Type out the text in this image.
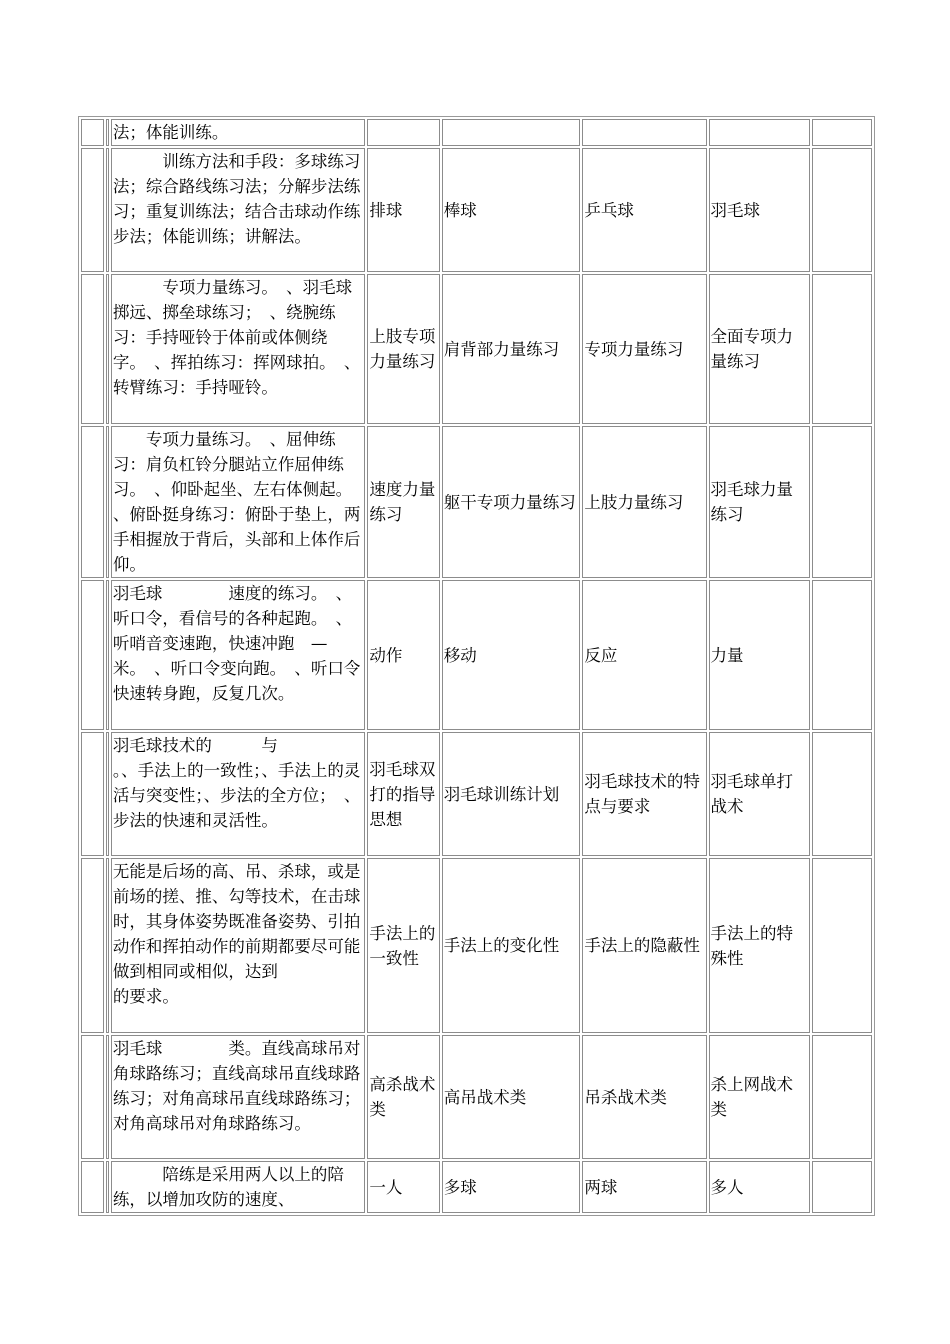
		法；体能训练。					
		　　　训练方法和手段：多球练习法；综合路线练习法；分解步法练习；重复训练法；结合击球动作练步法；体能训练；讲解法。	排球	棒球	乒乓球	羽毛球	
		　　　专项力量练习。　、羽毛球掷远、掷垒球练习；　、绕腕练习：手持哑铃于体前或体侧绕　字。　、挥拍练习：挥网球拍。　、转臂练习：手持哑铃。	上肢专项力量练习	肩背部力量练习	专项力量练习	全面专项力量练习	
		　　专项力量练习。　、屈伸练习：肩负杠铃分腿站立作屈伸练习。　、仰卧起坐、左右体侧起。　、俯卧挺身练习：俯卧于垫上，两手相握放于背后，头部和上体作后仰。	速度力量练习	躯干专项力量练习	上肢力量练习	羽毛球力量练习	
		羽毛球　　　　速度的练习。　、听口令，看信号的各种起跑。　、听哨音变速跑，快速冲跑　—　米。　、听口令变向跑。　、听口令快速转身跑，反复几次。	动作	移动	反应	力量	
		羽毛球技术的　　　与　　　　。、手法上的一致性；、手法上的灵活与突变性；、步法的全方位；　、步法的快速和灵活性。	羽毛球双打的指导思想	羽毛球训练计划	羽毛球技术的特点与要求	羽毛球单打战术	
		无能是后场的高、吊、杀球，或是前场的搓、推、勾等技术，在击球时，其身体姿势既准备姿势、引拍动作和挥拍动作的前期都要尽可能做到相同或相似，达到　　　　　　的要求。	手法上的一致性	手法上的变化性	手法上的隐蔽性	手法上的特殊性	
		羽毛球　　　　类。直线高球吊对角球路练习；直线高球吊直线球路练习；对角高球吊直线球路练习；对角高球吊对角球路练习。	高杀战术类	高吊战术类	吊杀战术类	杀上网战术类	
		　　　陪练是采用两人以上的陪练，以增加攻防的速度、	一人	多球	两球	多人	
